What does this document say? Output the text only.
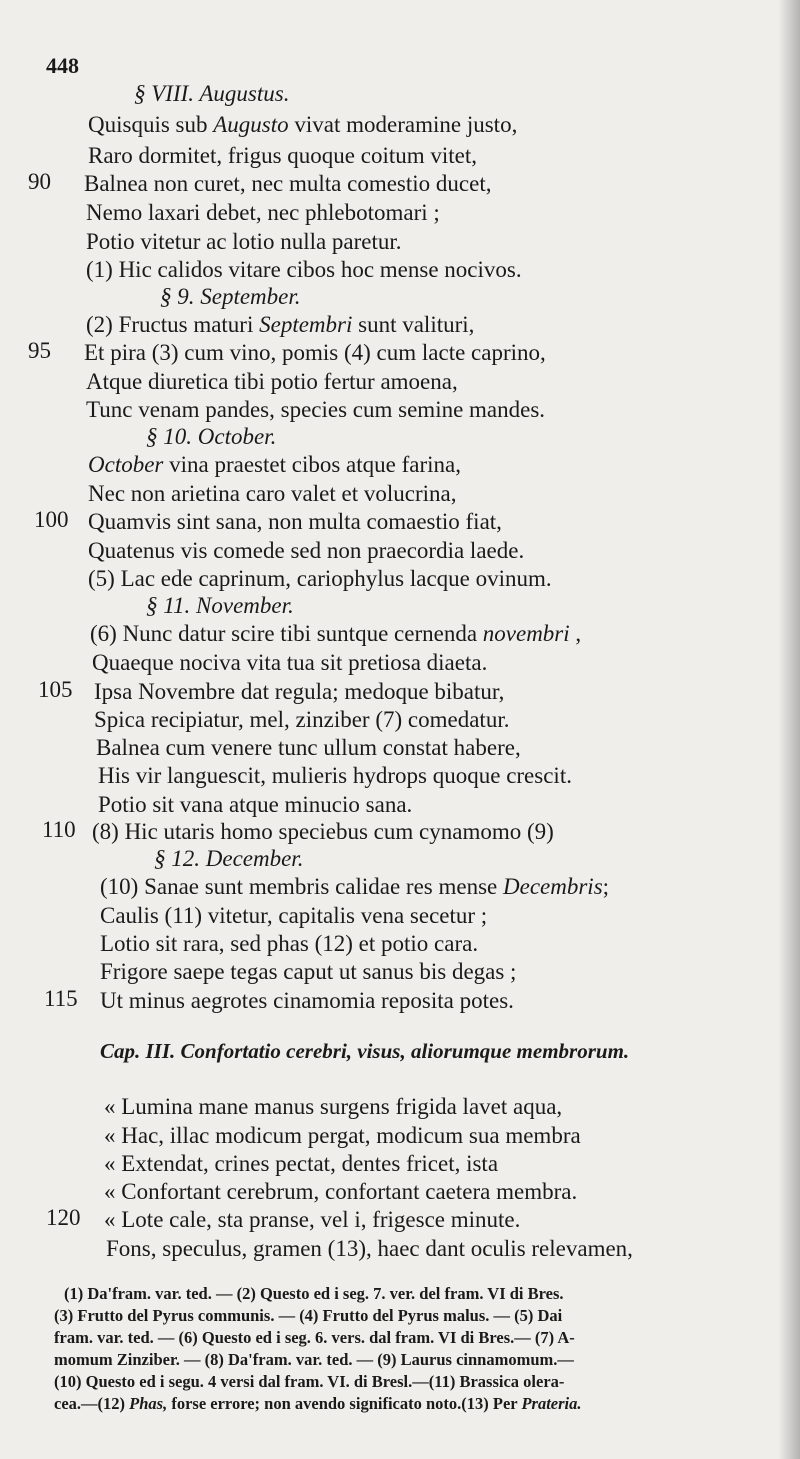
448
§ VIII. Augustus.
Quisquis sub Augusto vivat moderamine justo,
Raro dormitet, frigus quoque coitum vitet,
90 Balnea non curet, nec multa comestio ducet,
Nemo laxari debet, nec phlebotomari ;
Potio vitetur ac lotio nulla paretur.
(1) Hic calidos vitare cibos hoc mense nocivos.
§ 9. September.
(2) Fructus maturi Septembri sunt valituri,
95 Et pira (3) cum vino, pomis (4) cum lacte caprino,
Atque diuretica tibi potio fertur amoena,
Tunc venam pandes, species cum semine mandes.
§ 10. October.
October vina praestet cibos atque farina,
Nec non arietina caro valet et volucrina,
100 Quamvis sint sana, non multa comaestio fiat,
Quatenus vis comede sed non praecordia laede.
(5) Lac ede caprinum, cariophylus lacque ovinum.
§ 11. November.
(6) Nunc datur scire tibi suntque cernenda novembri ,
Quaeque nociva vita tua sit pretiosa diaeta.
105 Ipsa Novembre dat regula; medoque bibatur,
Spica recipiatur, mel, zinziber (7) comedatur.
Balnea cum venere tunc ullum constat habere,
His vir languescit, mulieris hydrops quoque crescit.
Potio sit vana atque minucio sana.
110 (8) Hic utaris homo speciebus cum cynamomo (9)
§ 12. December.
(10) Sanae sunt membris calidae res mense Decembris;
Caulis (11) vitetur, capitalis vena secetur ;
Lotio sit rara, sed phas (12) et potio cara.
Frigore saepe tegas caput ut sanus bis degas ;
115 Ut minus aegrotes cinamomia reposita potes.
Cap. III. Confortatio cerebri, visus, aliorumque membrorum.
« Lumina mane manus surgens frigida lavet aqua,
« Hac, illac modicum pergat, modicum sua membra
« Extendat, crines pectat, dentes fricet, ista
« Confortant cerebrum, confortant caetera membra.
120 « Lote cale, sta pranse, vel i, frigesce minute.
Fons, speculus, gramen (13), haec dant oculis relevamen,
(1) Da'fram. var. ted. — (2) Questo ed i seg. 7. ver. del fram. VI di Bres.
(3) Frutto del Pyrus communis. — (4) Frutto del Pyrus malus. — (5) Dai
fram. var. ted. — (6) Questo ed i seg. 6. vers. dal fram. VI di Bres.— (7) A-
momum Zinziber. — (8) Da'fram. var. ted. — (9) Laurus cinnamomum.—
(10) Questo ed i segu. 4 versi dal fram. VI. di Bresl.—(11) Brassica olera-
cea.—(12) Phas, forse errore; non avendo significato noto.(13) Per Prateria.
